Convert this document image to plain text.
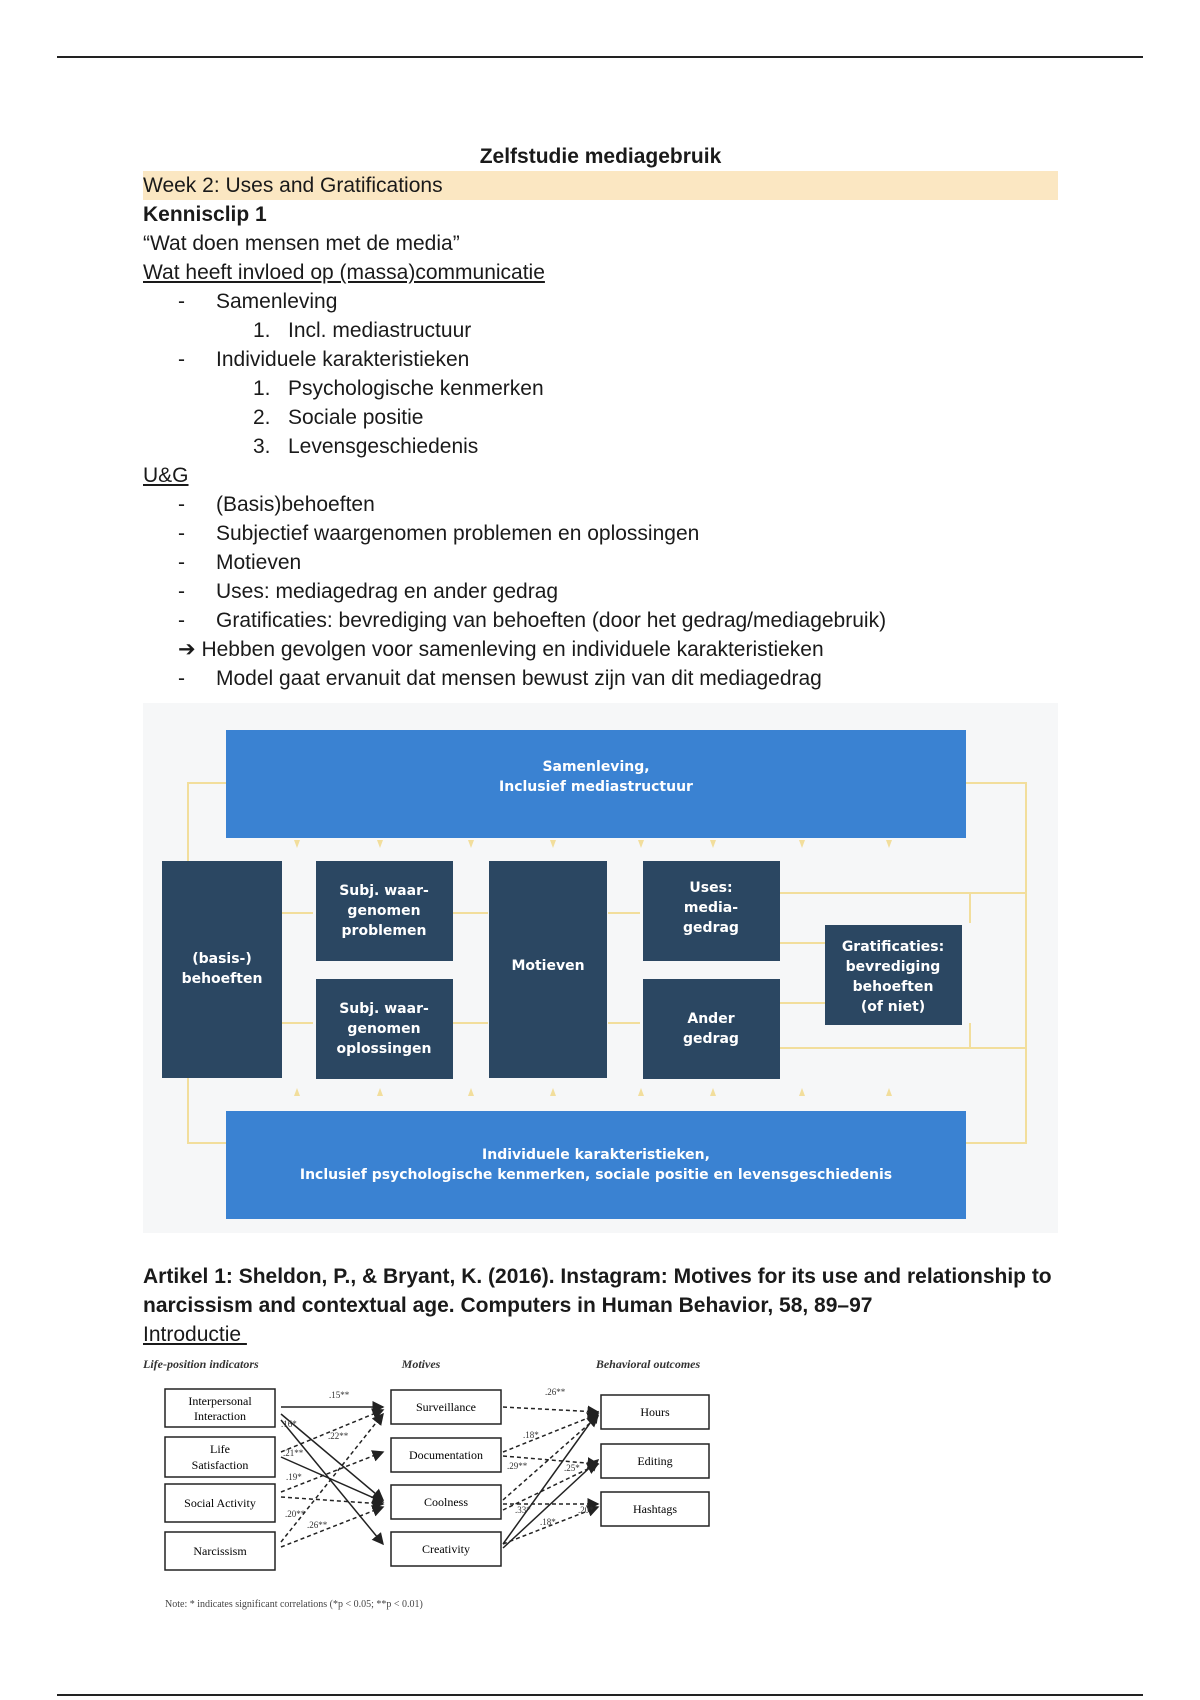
Zelfstudie mediagebruik
Week 2: Uses and Gratifications
Kennisclip 1
“Wat doen mensen met de media”
Wat heeft invloed op (massa)communicatie
- Samenleving
1. Incl. mediastructuur
- Individuele karakteristieken
1. Psychologische kenmerken
2. Sociale positie
3. Levensgeschiedenis
U&G
- (Basis)behoeften
- Subjectief waargenomen problemen en oplossingen
- Motieven
- Uses: mediagedrag en ander gedrag
- Gratificaties: bevrediging van behoeften (door het gedrag/mediagebruik)
➔ Hebben gevolgen voor samenleving en individuele karakteristieken
- Model gaat ervanuit dat mensen bewust zijn van dit mediagedrag
Samenleving,
Inclusief mediastructuur
(basis-)
behoeften
Subj. waar-
genomen
problemen
Subj. waar-
genomen
oplossingen
Motieven
Uses:
media-
gedrag
Ander
gedrag
Gratificaties:
bevrediging
behoeften
(of niet)
Individuele karakteristieken,
Inclusief psychologische kenmerken, sociale positie en levensgeschiedenis
Artikel 1: Sheldon, P., & Bryant, K. (2016). Instagram: Motives for its use and relationship to narcissism and contextual age. Computers in Human Behavior, 58, 89–97
Introductie
Life-position indicators	Motives	Behavioral outcomes
Interpersonal
Interaction
Life
Satisfaction
Social Activity
Narcissism
Surveillance
Documentation
Coolness
Creativity
Hours
Editing
Hashtags
.15**
.16*
.22**
.21**
.19*
.20**
.26**
.26**
.18*
.29**	.25*
.33*	.20*
.18*
Note: * indicates significant correlations (*p < 0.05; **p < 0.01)
